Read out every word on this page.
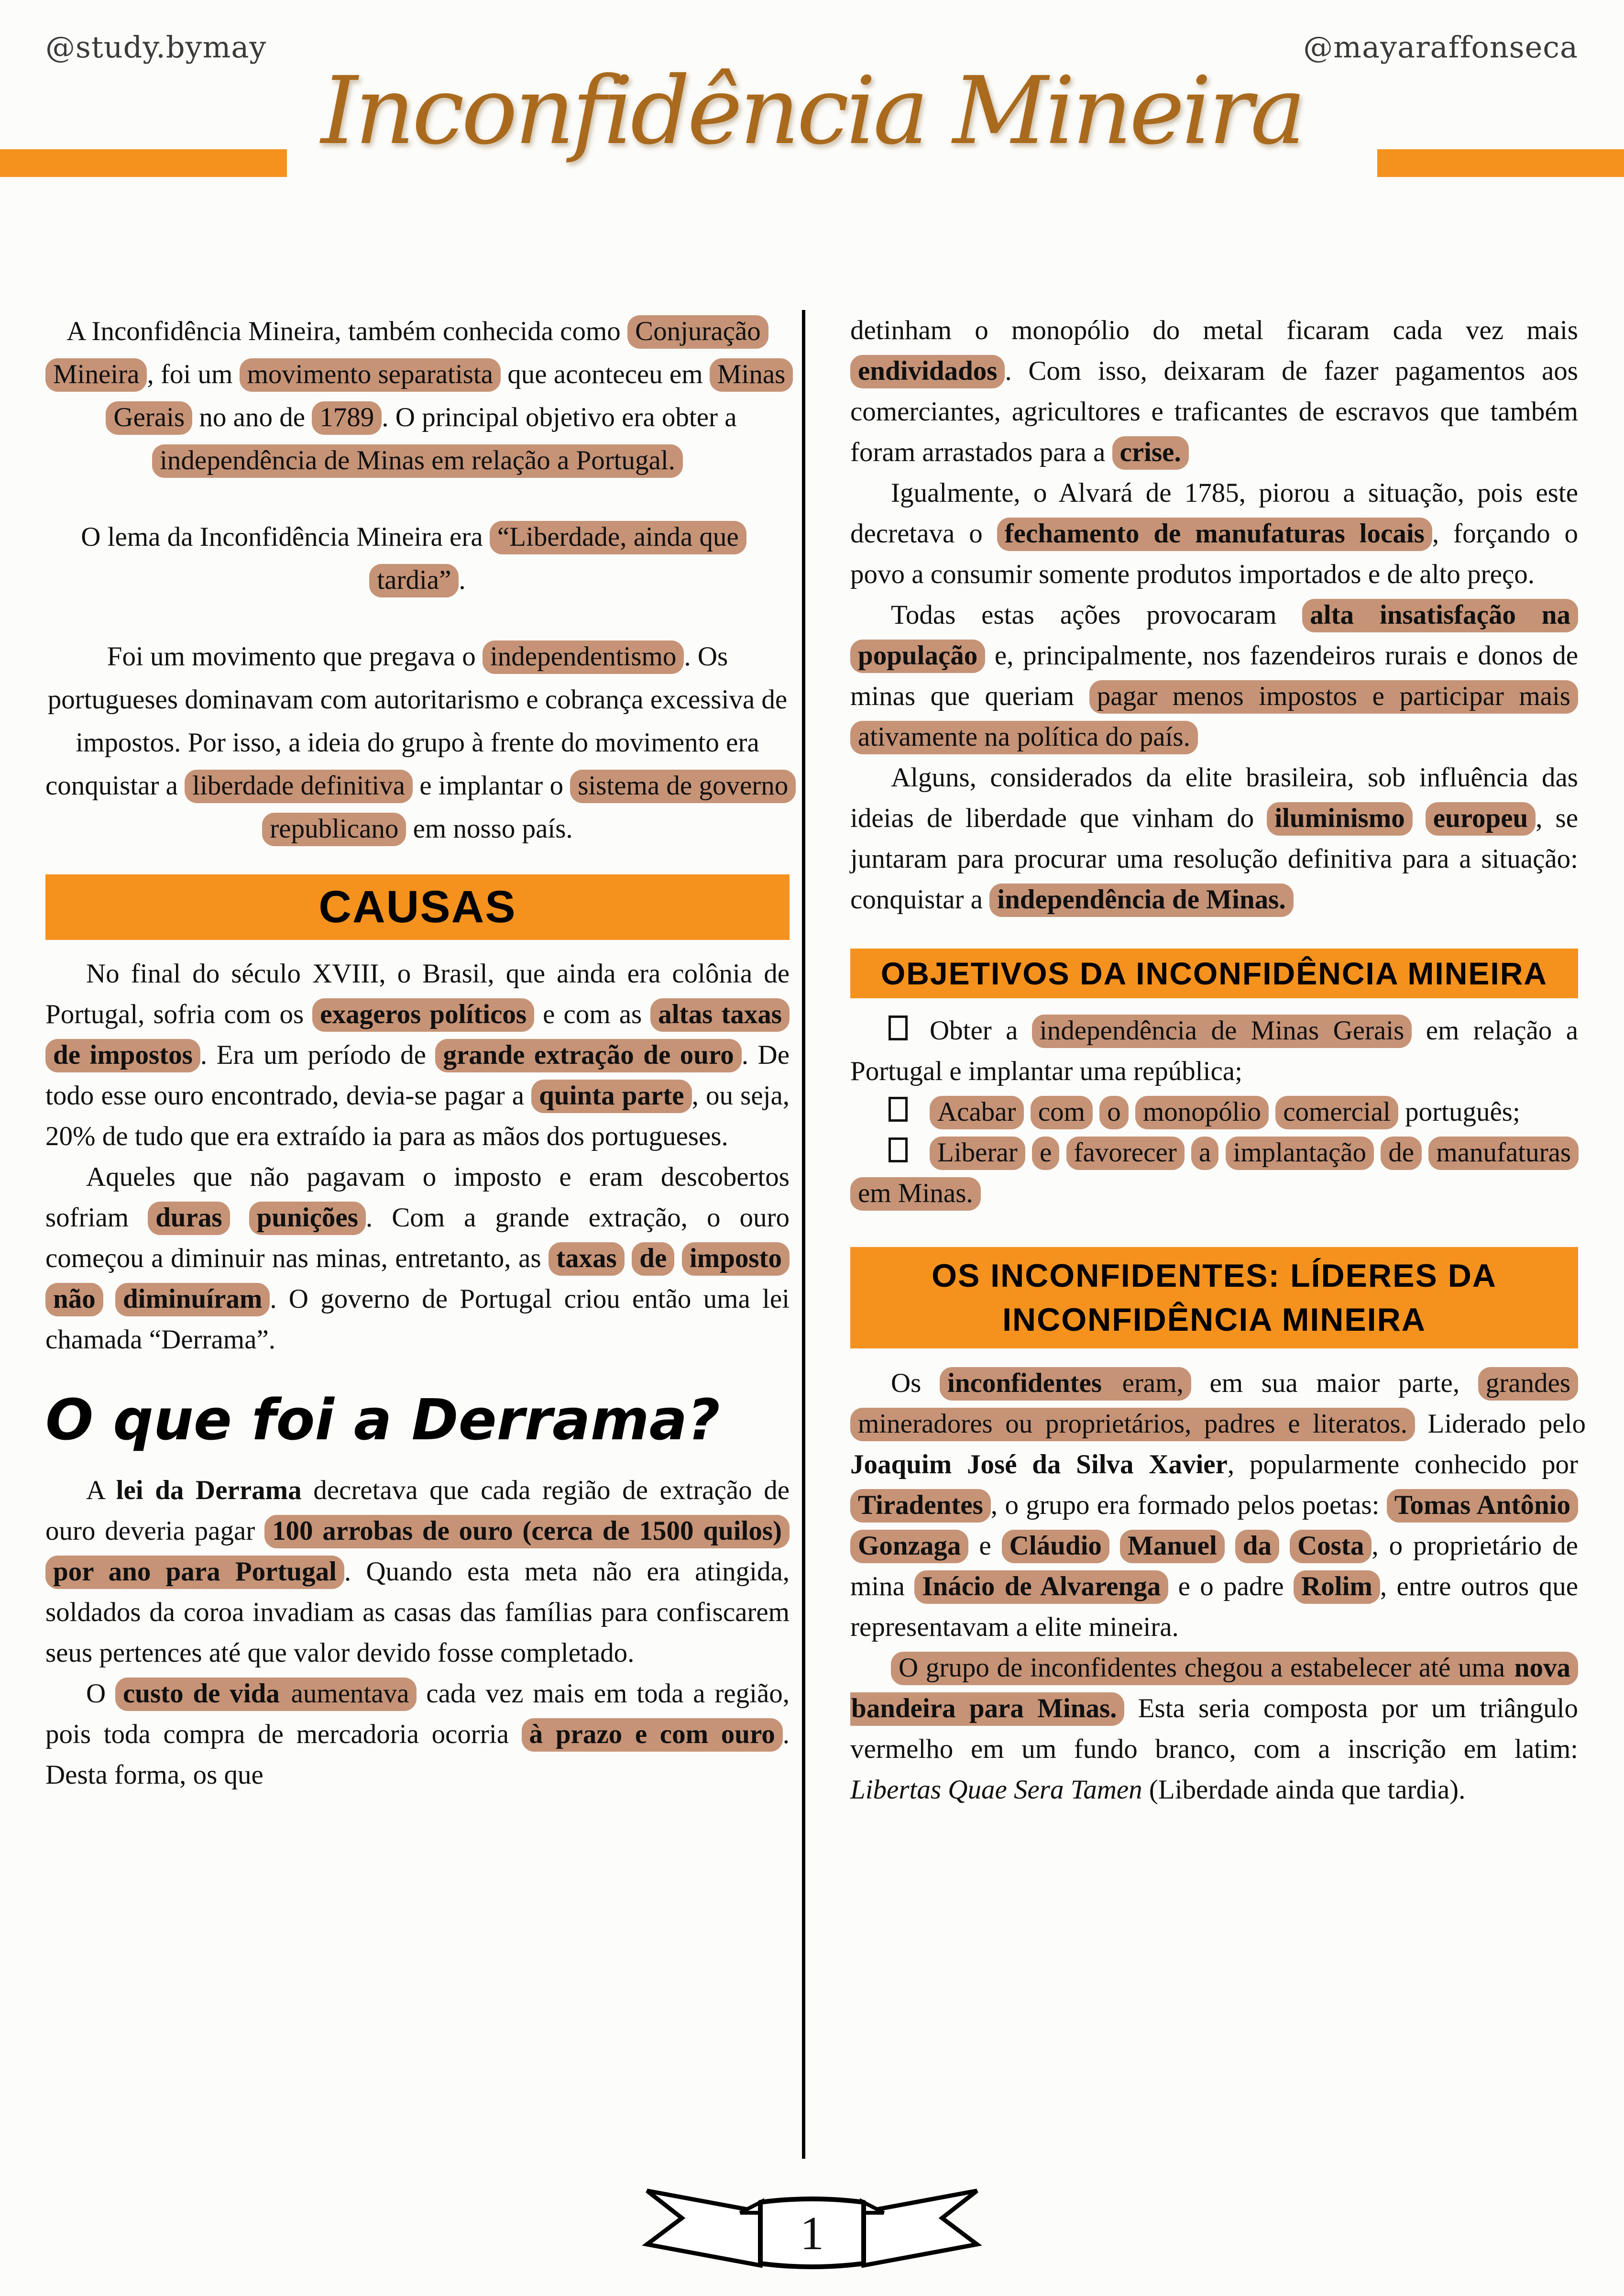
@study.bymay	@mayaraffonseca
Inconfidência Mineira

A Inconfidência Mineira, também conhecida como Conjuração Mineira , foi um movimento separatista que aconteceu em Minas Gerais no ano de 1789 . O principal objetivo era obter a independência de Minas em relação a Portugal.

O lema da Inconfidência Mineira era “Liberdade, ainda que tardia” .

Foi um movimento que pregava o independentismo . Os portugueses dominavam com autoritarismo e cobrança excessiva de impostos. Por isso, a ideia do grupo à frente do movimento era conquistar a liberdade definitiva e implantar o sistema de governo republicano em nosso país.

CAUSAS

No final do século XVIII, o Brasil, que ainda era colônia de Portugal, sofria com os exageros políticos e com as altas taxas de impostos . Era um período de grande extração de ouro . De todo esse ouro encontrado, devia-se pagar a quinta parte , ou seja, 20% de tudo que era extraído ia para as mãos dos portugueses.

Aqueles que não pagavam o imposto e eram descobertos sofriam duras punições . Com a grande extração, o ouro começou a diminuir nas minas, entretanto, as taxas de imposto não diminuíram . O governo de Portugal criou então uma lei chamada “Derrama”.

O que foi a Derrama?

A lei da Derrama decretava que cada região de extração de ouro deveria pagar 100 arrobas de ouro (cerca de 1500 quilos) por ano para Portugal . Quando esta meta não era atingida, soldados da coroa invadiam as casas das famílias para confiscarem seus pertences até que valor devido fosse completado.

O custo de vida aumentava cada vez mais em toda a região, pois toda compra de mercadoria ocorria à prazo e com ouro . Desta forma, os que

detinham o monopólio do metal ficaram cada vez mais endividados . Com isso, deixaram de fazer pagamentos aos comerciantes, agricultores e traficantes de escravos que também foram arrastados para a crise.

Igualmente, o Alvará de 1785, piorou a situação, pois este decretava o fechamento de manufaturas locais , forçando o povo a consumir somente produtos importados e de alto preço.

Todas estas ações provocaram alta insatisfação na população e, principalmente, nos fazendeiros rurais e donos de minas que queriam pagar menos impostos e participar mais ativamente na política do país.

Alguns, considerados da elite brasileira, sob influência das ideias de liberdade que vinham do iluminismo europeu , se juntaram para procurar uma resolução definitiva para a situação: conquistar a independência de Minas.

OBJETIVOS DA INCONFIDÊNCIA MINEIRA

Obter a independência de Minas Gerais em relação a Portugal e implantar uma república;

Acabar com o monopólio comercial português;

Liberar e favorecer a implantação de manufaturas em Minas.

OS INCONFIDENTES: LÍDERES DA INCONFIDÊNCIA MINEIRA

Os inconfidentes eram, em sua maior parte, grandes mineradores ou proprietários, padres e literatos. Liderado pelo Joaquim José da Silva Xavier, popularmente conhecido por Tiradentes , o grupo era formado pelos poetas: Tomas Antônio Gonzaga e Cláudio Manuel da Costa , o proprietário de mina Inácio de Alvarenga e o padre Rolim , entre outros que representavam a elite mineira.

O grupo de inconfidentes chegou a estabelecer até uma nova bandeira para Minas. Esta seria composta por um triângulo vermelho em um fundo branco, com a inscrição em latim: Libertas Quae Sera Tamen (Liberdade ainda que tardia).

1
